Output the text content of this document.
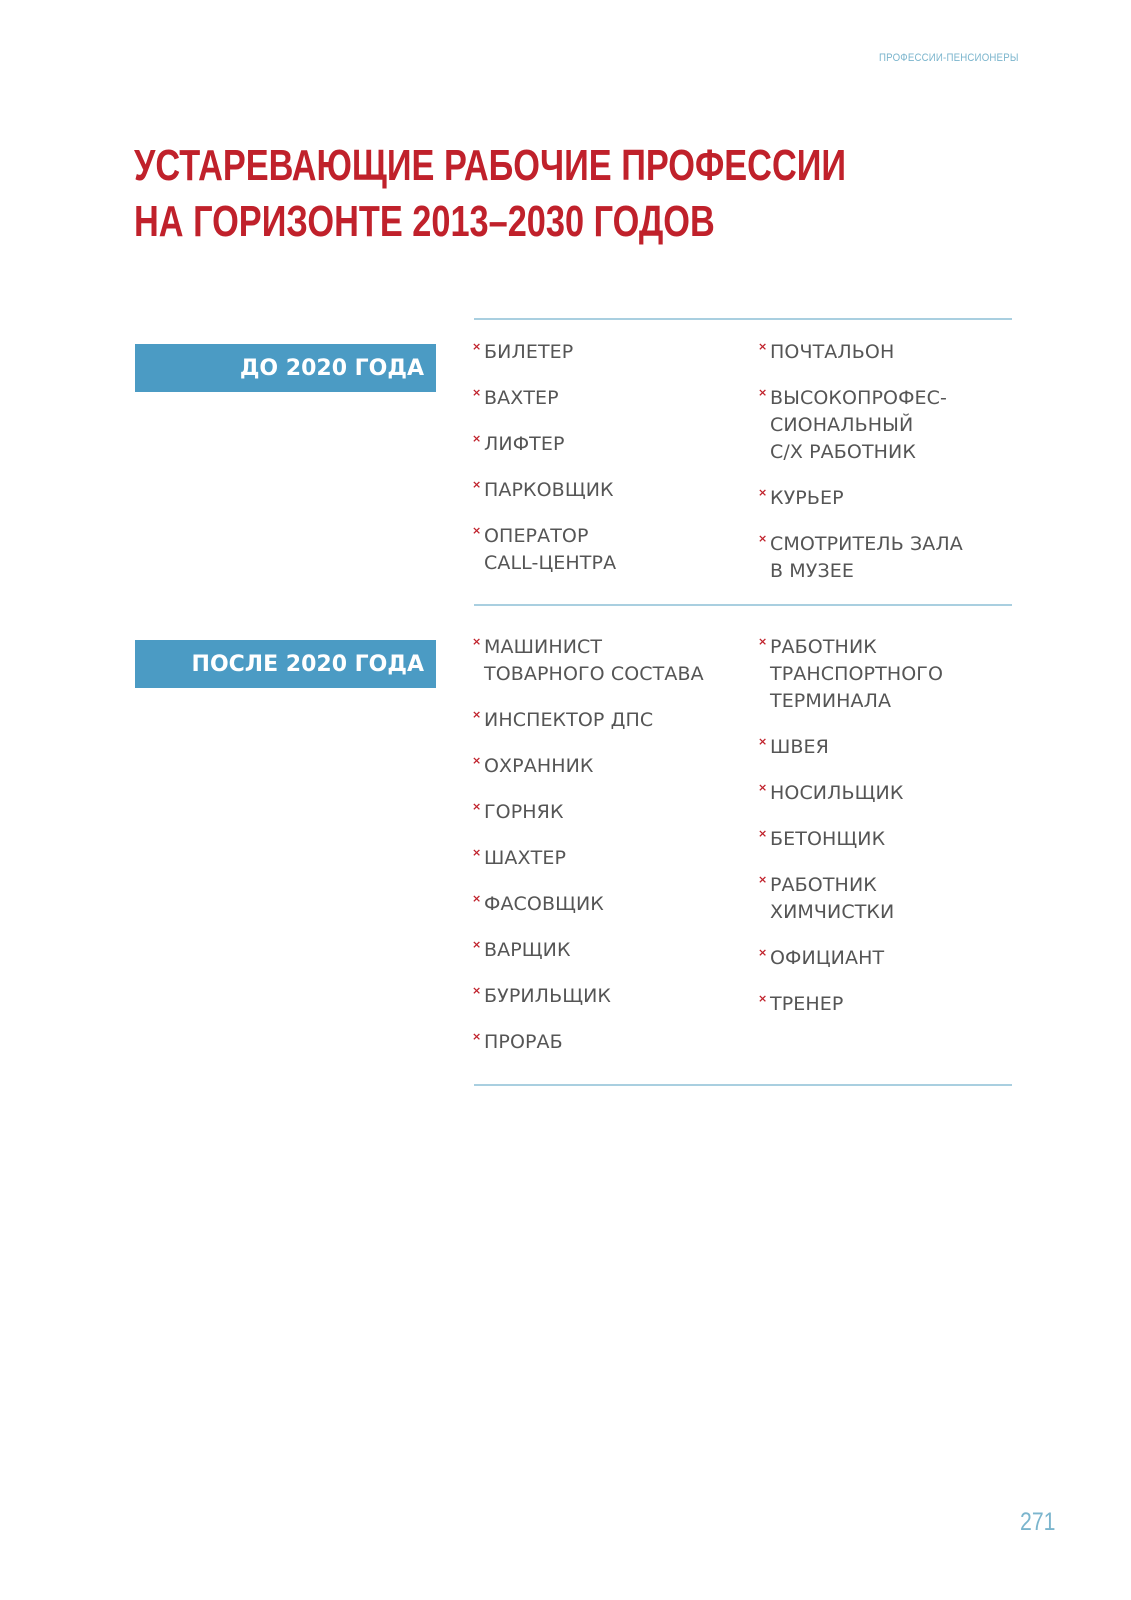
ПРОФЕССИИ-ПЕНСИОНЕРЫ
УСТАРЕВАЮЩИЕ РАБОЧИЕ ПРОФЕССИИ
НА ГОРИЗОНТЕ 2013–2030 ГОДОВ
ДО 2020 ГОДА
× БИЛЕТЕР
× ВАХТЕР
× ЛИФТЕР
× ПАРКОВЩИК
× ОПЕРАТОР
CALL-ЦЕНТРА
× ПОЧТАЛЬОН
× ВЫСОКОПРОФЕС-
СИОНАЛЬНЫЙ
С/Х РАБОТНИК
× КУРЬЕР
× СМОТРИТЕЛЬ ЗАЛА
В МУЗЕЕ
ПОСЛЕ 2020 ГОДА
× МАШИНИСТ
ТОВАРНОГО СОСТАВА
× ИНСПЕКТОР ДПС
× ОХРАННИК
× ГОРНЯК
× ШАХТЕР
× ФАСОВЩИК
× ВАРЩИК
× БУРИЛЬЩИК
× ПРОРАБ
× РАБОТНИК
ТРАНСПОРТНОГО
ТЕРМИНАЛА
× ШВЕЯ
× НОСИЛЬЩИК
× БЕТОНЩИК
× РАБОТНИК
ХИМЧИСТКИ
× ОФИЦИАНТ
× ТРЕНЕР
271
